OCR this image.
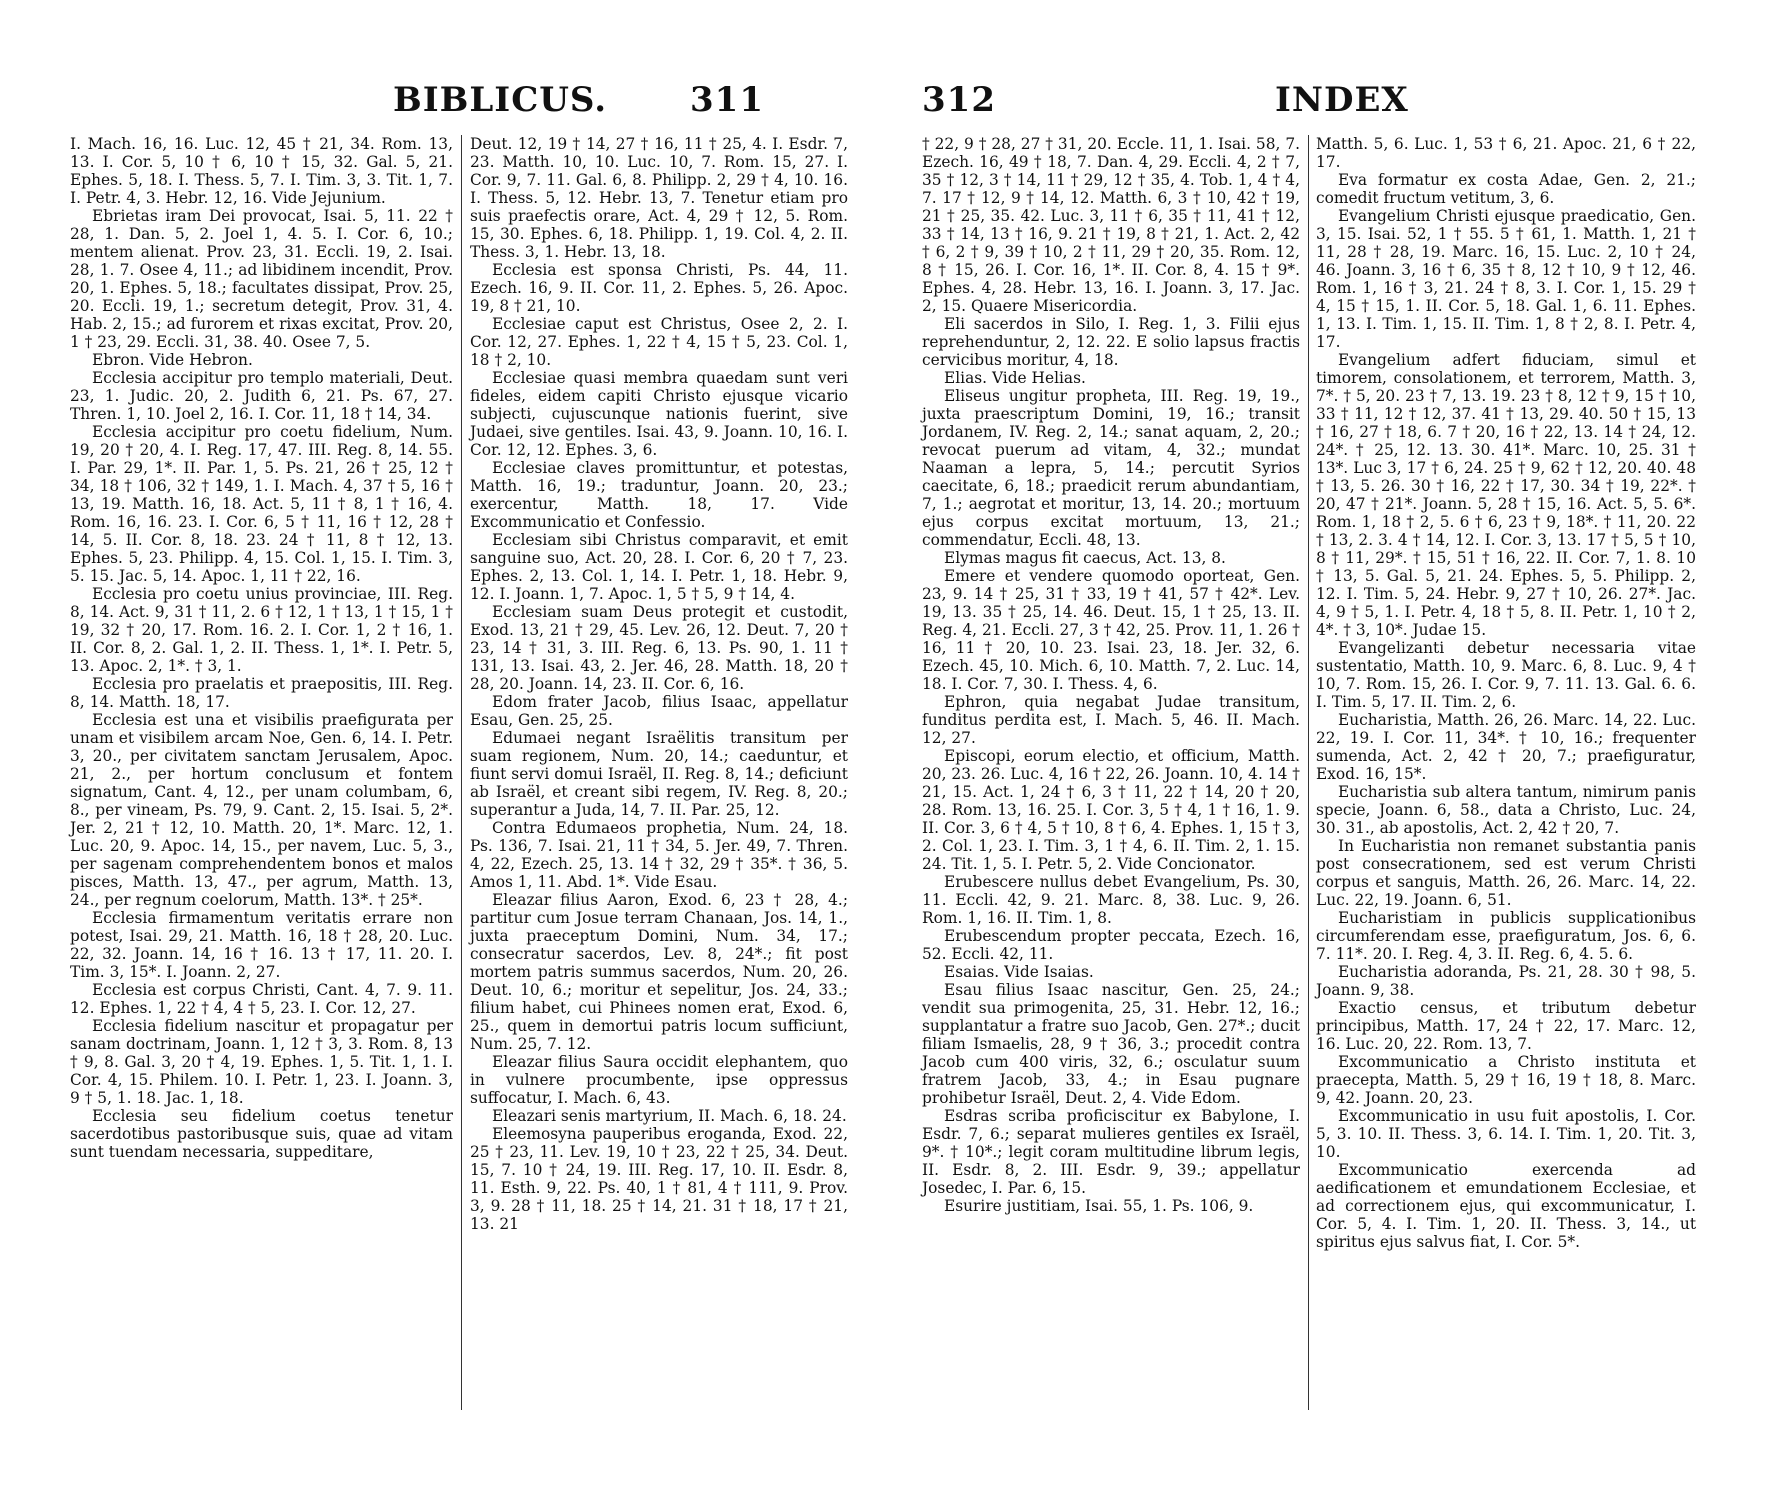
BIBLICUS. 311

I. Mach. 16, 16. Luc. 12, 45 † 21, 34. Rom. 13, 13. I. Cor. 5, 10 † 6, 10 † 15, 32. Gal. 5, 21. Ephes. 5, 18. I. Thess. 5, 7. I. Tim. 3, 3. Tit. 1, 7. I. Petr. 4, 3. Hebr. 12, 16. Vide Jejunium.

Ebrietas iram Dei provocat, Isai. 5, 11. 22 † 28, 1. Dan. 5, 2. Joel 1, 4. 5. I. Cor. 6, 10.; mentem alienat. Prov. 23, 31. Eccli. 19, 2. Isai. 28, 1. 7. Osee 4, 11.; ad libidinem incendit, Prov. 20, 1. Ephes. 5, 18.; facultates dissipat, Prov. 25, 20. Eccli. 19, 1.; secretum detegit, Prov. 31, 4. Hab. 2, 15.; ad furorem et rixas excitat, Prov. 20, 1 † 23, 29. Eccli. 31, 38. 40. Osee 7, 5.

Ebron. Vide Hebron.

Ecclesia accipitur pro templo materiali, Deut. 23, 1. Judic. 20, 2. Judith 6, 21. Ps. 67, 27. Thren. 1, 10. Joel 2, 16. I. Cor. 11, 18 † 14, 34.

Ecclesia accipitur pro coetu fidelium, Num. 19, 20 † 20, 4. I. Reg. 17, 47. III. Reg. 8, 14. 55. I. Par. 29, 1*. II. Par. 1, 5. Ps. 21, 26 † 25, 12 † 34, 18 † 106, 32 † 149, 1. I. Mach. 4, 37 † 5, 16 † 13, 19. Matth. 16, 18. Act. 5, 11 † 8, 1 † 16, 4. Rom. 16, 16. 23. I. Cor. 6, 5 † 11, 16 † 12, 28 † 14, 5. II. Cor. 8, 18. 23. 24 † 11, 8 † 12, 13. Ephes. 5, 23. Philipp. 4, 15. Col. 1, 15. I. Tim. 3, 5. 15. Jac. 5, 14. Apoc. 1, 11 † 22, 16.

Ecclesia pro coetu unius provinciae, III. Reg. 8, 14. Act. 9, 31 † 11, 2. 6 † 12, 1 † 13, 1 † 15, 1 † 19, 32 † 20, 17. Rom. 16. 2. I. Cor. 1, 2 † 16, 1. II. Cor. 8, 2. Gal. 1, 2. II. Thess. 1, 1*. I. Petr. 5, 13. Apoc. 2, 1*. † 3, 1.

Ecclesia pro praelatis et praepositis, III. Reg. 8, 14. Matth. 18, 17.

Ecclesia est una et visibilis praefigurata per unam et visibilem arcam Noe, Gen. 6, 14. I. Petr. 3, 20., per civitatem sanctam Jerusalem, Apoc. 21, 2., per hortum conclusum et fontem signatum, Cant. 4, 12., per unam columbam, 6, 8., per vineam, Ps. 79, 9. Cant. 2, 15. Isai. 5, 2*. Jer. 2, 21 † 12, 10. Matth. 20, 1*. Marc. 12, 1. Luc. 20, 9. Apoc. 14, 15., per navem, Luc. 5, 3., per sagenam comprehendentem bonos et malos pisces, Matth. 13, 47., per agrum, Matth. 13, 24., per regnum coelorum, Matth. 13*. † 25*.

Ecclesia firmamentum veritatis errare non potest, Isai. 29, 21. Matth. 16, 18 † 28, 20. Luc. 22, 32. Joann. 14, 16 † 16. 13 † 17, 11. 20. I. Tim. 3, 15*. I. Joann. 2, 27.

Ecclesia est corpus Christi, Cant. 4, 7. 9. 11. 12. Ephes. 1, 22 † 4, 4 † 5, 23. I. Cor. 12, 27.

Ecclesia fidelium nascitur et propagatur per sanam doctrinam, Joann. 1, 12 † 3, 3. Rom. 8, 13 † 9, 8. Gal. 3, 20 † 4, 19. Ephes. 1, 5. Tit. 1, 1. I. Cor. 4, 15. Philem. 10. I. Petr. 1, 23. I. Joann. 3, 9 † 5, 1. 18. Jac. 1, 18.

Ecclesia seu fidelium coetus tenetur sacerdotibus pastoribusque suis, quae ad vitam sunt tuendam necessaria, suppeditare,

Deut. 12, 19 † 14, 27 † 16, 11 † 25, 4. I. Esdr. 7, 23. Matth. 10, 10. Luc. 10, 7. Rom. 15, 27. I. Cor. 9, 7. 11. Gal. 6, 8. Philipp. 2, 29 † 4, 10. 16. I. Thess. 5, 12. Hebr. 13, 7. Tenetur etiam pro suis praefectis orare, Act. 4, 29 † 12, 5. Rom. 15, 30. Ephes. 6, 18. Philipp. 1, 19. Col. 4, 2. II. Thess. 3, 1. Hebr. 13, 18.

Ecclesia est sponsa Christi, Ps. 44, 11. Ezech. 16, 9. II. Cor. 11, 2. Ephes. 5, 26. Apoc. 19, 8 † 21, 10.

Ecclesiae caput est Christus, Osee 2, 2. I. Cor. 12, 27. Ephes. 1, 22 † 4, 15 † 5, 23. Col. 1, 18 † 2, 10.

Ecclesiae quasi membra quaedam sunt veri fideles, eidem capiti Christo ejusque vicario subjecti, cujuscunque nationis fuerint, sive Judaei, sive gentiles. Isai. 43, 9. Joann. 10, 16. I. Cor. 12, 12. Ephes. 3, 6.

Ecclesiae claves promittuntur, et potestas, Matth. 16, 19.; traduntur, Joann. 20, 23.; exercentur, Matth. 18, 17. Vide Excommunicatio et Confessio.

Ecclesiam sibi Christus comparavit, et emit sanguine suo, Act. 20, 28. I. Cor. 6, 20 † 7, 23. Ephes. 2, 13. Col. 1, 14. I. Petr. 1, 18. Hebr. 9, 12. I. Joann. 1, 7. Apoc. 1, 5 † 5, 9 † 14, 4.

Ecclesiam suam Deus protegit et custodit, Exod. 13, 21 † 29, 45. Lev. 26, 12. Deut. 7, 20 † 23, 14 † 31, 3. III. Reg. 6, 13. Ps. 90, 1. 11 † 131, 13. Isai. 43, 2. Jer. 46, 28. Matth. 18, 20 † 28, 20. Joann. 14, 23. II. Cor. 6, 16.

Edom frater Jacob, filius Isaac, appellatur Esau, Gen. 25, 25.

Edumaei negant Israëlitis transitum per suam regionem, Num. 20, 14.; caeduntur, et fiunt servi domui Israël, II. Reg. 8, 14.; deficiunt ab Israël, et creant sibi regem, IV. Reg. 8, 20.; superantur a Juda, 14, 7. II. Par. 25, 12.

Contra Edumaeos prophetia, Num. 24, 18. Ps. 136, 7. Isai. 21, 11 † 34, 5. Jer. 49, 7. Thren. 4, 22, Ezech. 25, 13. 14 † 32, 29 † 35*. † 36, 5. Amos 1, 11. Abd. 1*. Vide Esau.

Eleazar filius Aaron, Exod. 6, 23 † 28, 4.; partitur cum Josue terram Chanaan, Jos. 14, 1., juxta praeceptum Domini, Num. 34, 17.; consecratur sacerdos, Lev. 8, 24*.; fit post mortem patris summus sacerdos, Num. 20, 26. Deut. 10, 6.; moritur et sepelitur, Jos. 24, 33.; filium habet, cui Phinees nomen erat, Exod. 6, 25., quem in demortui patris locum sufficiunt, Num. 25, 7. 12.

Eleazar filius Saura occidit elephantem, quo in vulnere procumbente, ipse oppressus suffocatur, I. Mach. 6, 43.

Eleazari senis martyrium, II. Mach. 6, 18. 24.

Eleemosyna pauperibus eroganda, Exod. 22, 25 † 23, 11. Lev. 19, 10 † 23, 22 † 25, 34. Deut. 15, 7. 10 † 24, 19. III. Reg. 17, 10. II. Esdr. 8, 11. Esth. 9, 22. Ps. 40, 1 † 81, 4 † 111, 9. Prov. 3, 9. 28 † 11, 18. 25 † 14, 21. 31 † 18, 17 † 21, 13. 21

312	INDEX

† 22, 9 † 28, 27 † 31, 20. Eccle. 11, 1. Isai. 58, 7. Ezech. 16, 49 † 18, 7. Dan. 4, 29. Eccli. 4, 2 † 7, 35 † 12, 3 † 14, 11 † 29, 12 † 35, 4. Tob. 1, 4 † 4, 7. 17 † 12, 9 † 14, 12. Matth. 6, 3 † 10, 42 † 19, 21 † 25, 35. 42. Luc. 3, 11 † 6, 35 † 11, 41 † 12, 33 † 14, 13 † 16, 9. 21 † 19, 8 † 21, 1. Act. 2, 42 † 6, 2 † 9, 39 † 10, 2 † 11, 29 † 20, 35. Rom. 12, 8 † 15, 26. I. Cor. 16, 1*. II. Cor. 8, 4. 15 † 9*. Ephes. 4, 28. Hebr. 13, 16. I. Joann. 3, 17. Jac. 2, 15. Quaere Misericordia.

Eli sacerdos in Silo, I. Reg. 1, 3. Filii ejus reprehenduntur, 2, 12. 22. E solio lapsus fractis cervicibus moritur, 4, 18.

Elias. Vide Helias.

Eliseus ungitur propheta, III. Reg. 19, 19., juxta praescriptum Domini, 19, 16.; transit Jordanem, IV. Reg. 2, 14.; sanat aquam, 2, 20.; revocat puerum ad vitam, 4, 32.; mundat Naaman a lepra, 5, 14.; percutit Syrios caecitate, 6, 18.; praedicit rerum abundantiam, 7, 1.; aegrotat et moritur, 13, 14. 20.; mortuum ejus corpus excitat mortuum, 13, 21.; commendatur, Eccli. 48, 13.

Elymas magus fit caecus, Act. 13, 8.

Emere et vendere quomodo oporteat, Gen. 23, 9. 14 † 25, 31 † 33, 19 † 41, 57 † 42*. Lev. 19, 13. 35 † 25, 14. 46. Deut. 15, 1 † 25, 13. II. Reg. 4, 21. Eccli. 27, 3 † 42, 25. Prov. 11, 1. 26 † 16, 11 † 20, 10. 23. Isai. 23, 18. Jer. 32, 6. Ezech. 45, 10. Mich. 6, 10. Matth. 7, 2. Luc. 14, 18. I. Cor. 7, 30. I. Thess. 4, 6.

Ephron, quia negabat Judae transitum, funditus perdita est, I. Mach. 5, 46. II. Mach. 12, 27.

Episcopi, eorum electio, et officium, Matth. 20, 23. 26. Luc. 4, 16 † 22, 26. Joann. 10, 4. 14 † 21, 15. Act. 1, 24 † 6, 3 † 11, 22 † 14, 20 † 20, 28. Rom. 13, 16. 25. I. Cor. 3, 5 † 4, 1 † 16, 1. 9. II. Cor. 3, 6 † 4, 5 † 10, 8 † 6, 4. Ephes. 1, 15 † 3, 2. Col. 1, 23. I. Tim. 3, 1 † 4, 6. II. Tim. 2, 1. 15. 24. Tit. 1, 5. I. Petr. 5, 2. Vide Concionator.

Erubescere nullus debet Evangelium, Ps. 30, 11. Eccli. 42, 9. 21. Marc. 8, 38. Luc. 9, 26. Rom. 1, 16. II. Tim. 1, 8.

Erubescendum propter peccata, Ezech. 16, 52. Eccli. 42, 11.

Esaias. Vide Isaias.

Esau filius Isaac nascitur, Gen. 25, 24.; vendit sua primogenita, 25, 31. Hebr. 12, 16.; supplantatur a fratre suo Jacob, Gen. 27*.; ducit filiam Ismaelis, 28, 9 † 36, 3.; procedit contra Jacob cum 400 viris, 32, 6.; osculatur suum fratrem Jacob, 33, 4.; in Esau pugnare prohibetur Israël, Deut. 2, 4. Vide Edom.

Esdras scriba proficiscitur ex Babylone, I. Esdr. 7, 6.; separat mulieres gentiles ex Israël, 9*. † 10*.; legit coram multitudine librum legis, II. Esdr. 8, 2. III. Esdr. 9, 39.; appellatur Josedec, I. Par. 6, 15.

Esurire justitiam, Isai. 55, 1. Ps. 106, 9.

Matth. 5, 6. Luc. 1, 53 † 6, 21. Apoc. 21, 6 † 22, 17.

Eva formatur ex costa Adae, Gen. 2, 21.; comedit fructum vetitum, 3, 6.

Evangelium Christi ejusque praedicatio, Gen. 3, 15. Isai. 52, 1 † 55. 5 † 61, 1. Matth. 1, 21 † 11, 28 † 28, 19. Marc. 16, 15. Luc. 2, 10 † 24, 46. Joann. 3, 16 † 6, 35 † 8, 12 † 10, 9 † 12, 46. Rom. 1, 16 † 3, 21. 24 † 8, 3. I. Cor. 1, 15. 29 † 4, 15 † 15, 1. II. Cor. 5, 18. Gal. 1, 6. 11. Ephes. 1, 13. I. Tim. 1, 15. II. Tim. 1, 8 † 2, 8. I. Petr. 4, 17.

Evangelium adfert fiduciam, simul et timorem, consolationem, et terrorem, Matth. 3, 7*. † 5, 20. 23 † 7, 13. 19. 23 † 8, 12 † 9, 15 † 10, 33 † 11, 12 † 12, 37. 41 † 13, 29. 40. 50 † 15, 13 † 16, 27 † 18, 6. 7 † 20, 16 † 22, 13. 14 † 24, 12. 24*. † 25, 12. 13. 30. 41*. Marc. 10, 25. 31 † 13*. Luc 3, 17 † 6, 24. 25 † 9, 62 † 12, 20. 40. 48 † 13, 5. 26. 30 † 16, 22 † 17, 30. 34 † 19, 22*. † 20, 47 † 21*. Joann. 5, 28 † 15, 16. Act. 5, 5. 6*. Rom. 1, 18 † 2, 5. 6 † 6, 23 † 9, 18*. † 11, 20. 22 † 13, 2. 3. 4 † 14, 12. I. Cor. 3, 13. 17 † 5, 5 † 10, 8 † 11, 29*. † 15, 51 † 16, 22. II. Cor. 7, 1. 8. 10 † 13, 5. Gal. 5, 21. 24. Ephes. 5, 5. Philipp. 2, 12. I. Tim. 5, 24. Hebr. 9, 27 † 10, 26. 27*. Jac. 4, 9 † 5, 1. I. Petr. 4, 18 † 5, 8. II. Petr. 1, 10 † 2, 4*. † 3, 10*. Judae 15.

Evangelizanti debetur necessaria vitae sustentatio, Matth. 10, 9. Marc. 6, 8. Luc. 9, 4 † 10, 7. Rom. 15, 26. I. Cor. 9, 7. 11. 13. Gal. 6. 6. I. Tim. 5, 17. II. Tim. 2, 6.

Eucharistia, Matth. 26, 26. Marc. 14, 22. Luc. 22, 19. I. Cor. 11, 34*. † 10, 16.; frequenter sumenda, Act. 2, 42 † 20, 7.; praefiguratur, Exod. 16, 15*.

Eucharistia sub altera tantum, nimirum panis specie, Joann. 6, 58., data a Christo, Luc. 24, 30. 31., ab apostolis, Act. 2, 42 † 20, 7.

In Eucharistia non remanet substantia panis post consecrationem, sed est verum Christi corpus et sanguis, Matth. 26, 26. Marc. 14, 22. Luc. 22, 19. Joann. 6, 51.

Eucharistiam in publicis supplicationibus circumferendam esse, praefiguratum, Jos. 6, 6. 7. 11*. 20. I. Reg. 4, 3. II. Reg. 6, 4. 5. 6.

Eucharistia adoranda, Ps. 21, 28. 30 † 98, 5. Joann. 9, 38.

Exactio census, et tributum debetur principibus, Matth. 17, 24 † 22, 17. Marc. 12, 16. Luc. 20, 22. Rom. 13, 7.

Excommunicatio a Christo instituta et praecepta, Matth. 5, 29 † 16, 19 † 18, 8. Marc. 9, 42. Joann. 20, 23.

Excommunicatio in usu fuit apostolis, I. Cor. 5, 3. 10. II. Thess. 3, 6. 14. I. Tim. 1, 20. Tit. 3, 10.

Excommunicatio exercenda ad aedificationem et emundationem Ecclesiae, et ad correctionem ejus, qui excommunicatur, I. Cor. 5, 4. I. Tim. 1, 20. II. Thess. 3, 14., ut spiritus ejus salvus fiat, I. Cor. 5*.
